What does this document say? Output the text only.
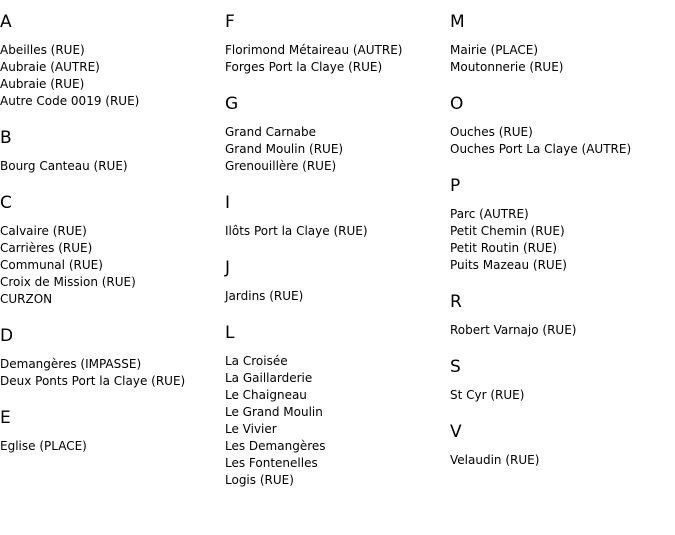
A
Abeilles (RUE)
Aubraie (AUTRE)
Aubraie (RUE)
Autre Code 0019 (RUE)
B
Bourg Canteau (RUE)
C
Calvaire (RUE)
Carrières (RUE)
Communal (RUE)
Croix de Mission (RUE)
CURZON
D
Demangères (IMPASSE)
Deux Ponts Port la Claye (RUE)
E
Eglise (PLACE)
F
Florimond Métaireau (AUTRE)
Forges Port la Claye (RUE)
G
Grand Carnabe
Grand Moulin (RUE)
Grenouillère (RUE)
I
Ilôts Port la Claye (RUE)
J
Jardins (RUE)
L
La Croisée
La Gaillarderie
Le Chaigneau
Le Grand Moulin
Le Vivier
Les Demangères
Les Fontenelles
Logis (RUE)
M
Mairie (PLACE)
Moutonnerie (RUE)
O
Ouches (RUE)
Ouches Port La Claye (AUTRE)
P
Parc (AUTRE)
Petit Chemin (RUE)
Petit Routin (RUE)
Puits Mazeau (RUE)
R
Robert Varnajo (RUE)
S
St Cyr (RUE)
V
Velaudin (RUE)
